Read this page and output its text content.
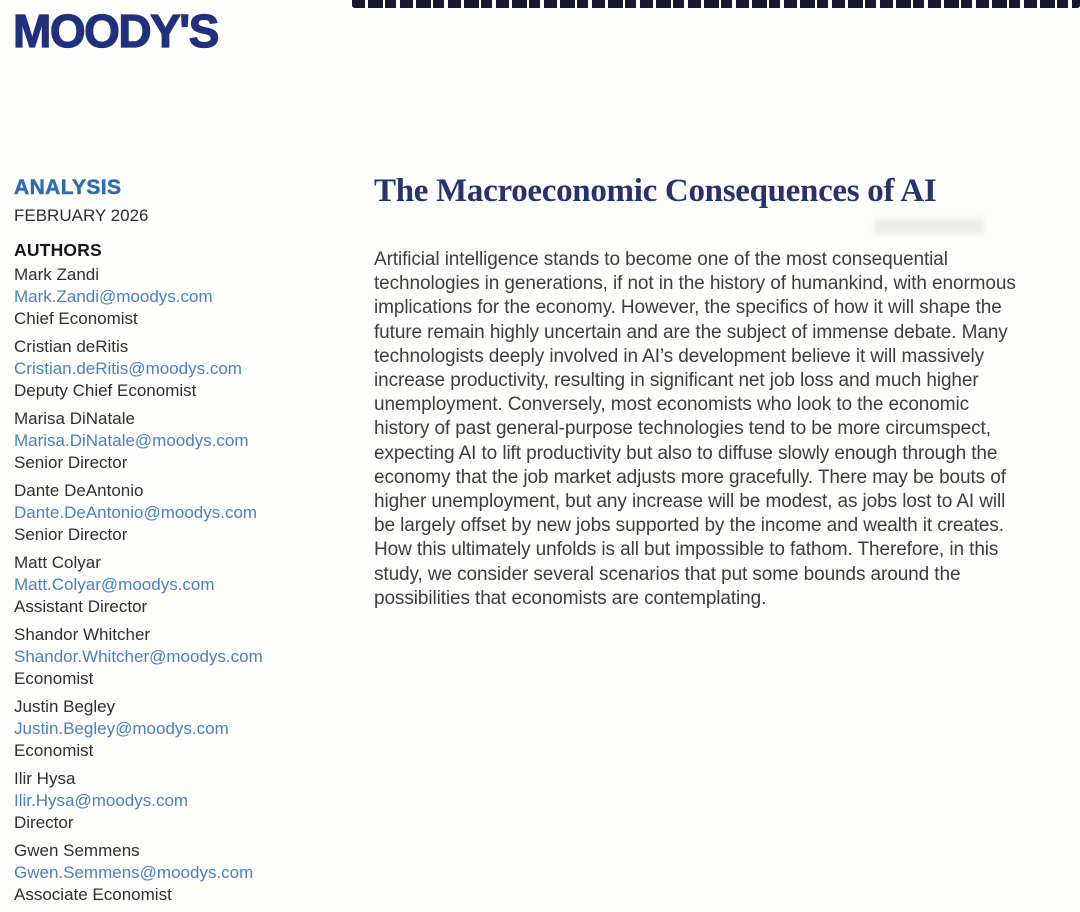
MOODY'S
ANALYSIS
FEBRUARY 2026
AUTHORS
Mark Zandi
Mark.Zandi@moodys.com
Chief Economist
Cristian deRitis
Cristian.deRitis@moodys.com
Deputy Chief Economist
Marisa DiNatale
Marisa.DiNatale@moodys.com
Senior Director
Dante DeAntonio
Dante.DeAntonio@moodys.com
Senior Director
Matt Colyar
Matt.Colyar@moodys.com
Assistant Director
Shandor Whitcher
Shandor.Whitcher@moodys.com
Economist
Justin Begley
Justin.Begley@moodys.com
Economist
Ilir Hysa
Ilir.Hysa@moodys.com
Director
Gwen Semmens
Gwen.Semmens@moodys.com
Associate Economist
The Macroeconomic Consequences of AI

Artificial intelligence stands to become one of the most consequential technologies in generations, if not in the history of humankind, with enormous implications for the economy. However, the specifics of how it will shape the future remain highly uncertain and are the subject of immense debate. Many technologists deeply involved in AI’s development believe it will massively increase productivity, resulting in significant net job loss and much higher unemployment. Conversely, most economists who look to the economic history of past general-purpose technologies tend to be more circumspect, expecting AI to lift productivity but also to diffuse slowly enough through the economy that the job market adjusts more gracefully. There may be bouts of higher unemployment, but any increase will be modest, as jobs lost to AI will be largely offset by new jobs supported by the income and wealth it creates. How this ultimately unfolds is all but impossible to fathom. Therefore, in this study, we consider several scenarios that put some bounds around the possibilities that economists are contemplating.
